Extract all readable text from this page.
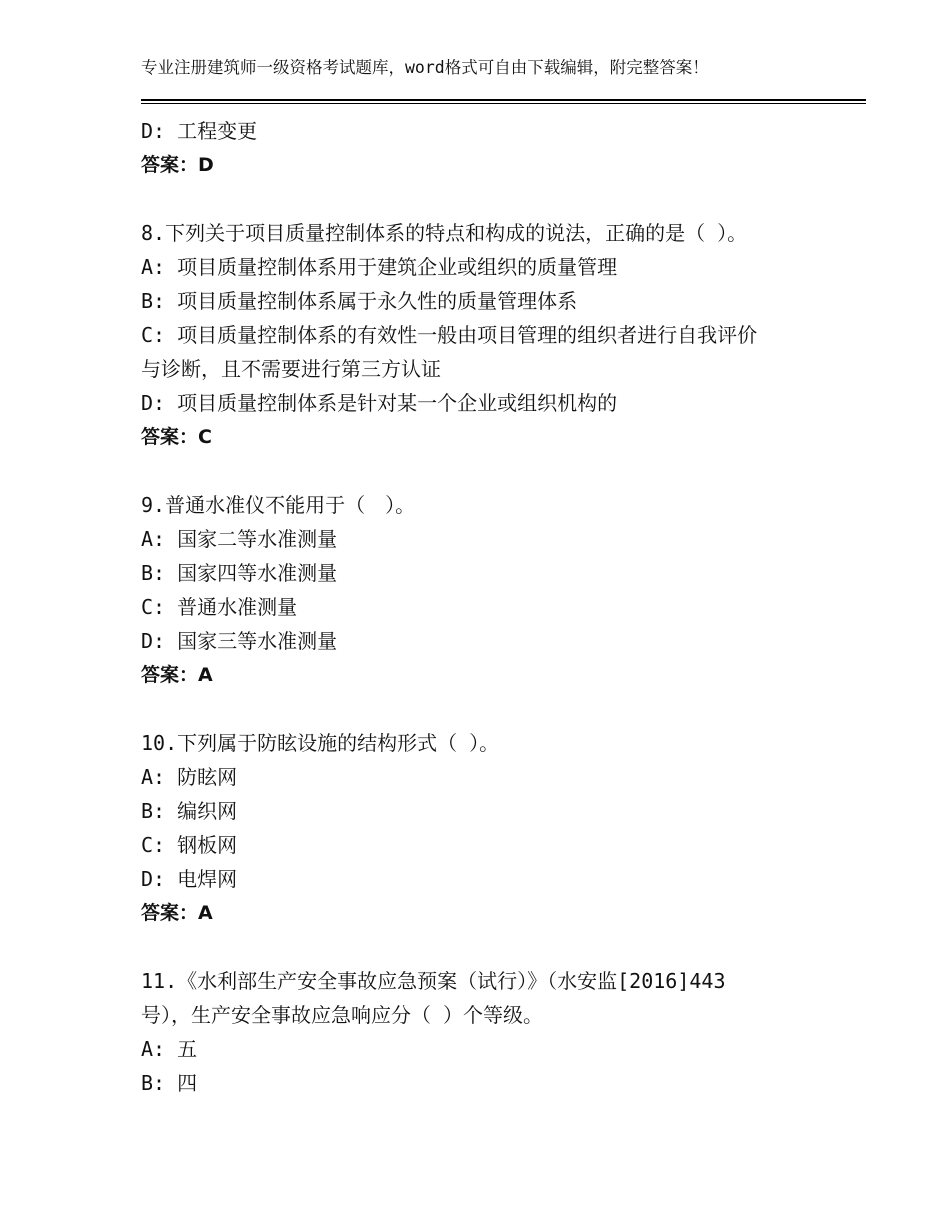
专业注册建筑师一级资格考试题库，word格式可自由下载编辑，附完整答案！
D: 工程变更
答案：D
8.下列关于项目质量控制体系的特点和构成的说法，正确的是（ ）。
A: 项目质量控制体系用于建筑企业或组织的质量管理
B: 项目质量控制体系属于永久性的质量管理体系
C: 项目质量控制体系的有效性一般由项目管理的组织者进行自我评价
与诊断，且不需要进行第三方认证
D: 项目质量控制体系是针对某一个企业或组织机构的
答案：C
9.普通水准仪不能用于（　）。
A: 国家二等水准测量
B: 国家四等水准测量
C: 普通水准测量
D: 国家三等水准测量
答案：A
10.下列属于防眩设施的结构形式（ ）。
A: 防眩网
B: 编织网
C: 钢板网
D: 电焊网
答案：A
11.《水利部生产安全事故应急预案（试行）》（水安监[2016]443
号），生产安全事故应急响应分（ ）个等级。
A: 五
B: 四
